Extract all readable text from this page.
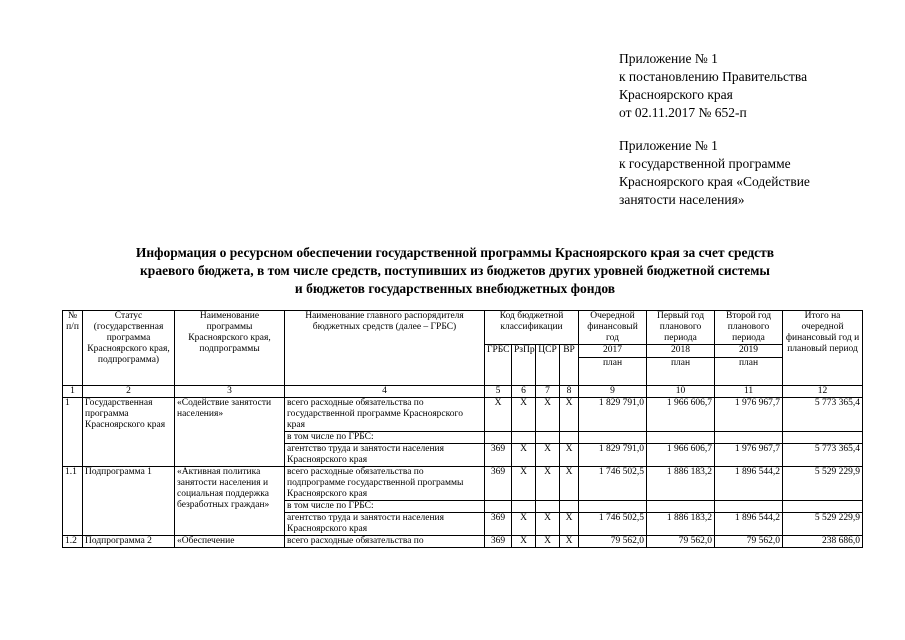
Приложение № 1
к постановлению Правительства
Красноярского края
от 02.11.2017 № 652-п
Приложение № 1
к государственной программе
Красноярского края «Содействие
занятости населения»
Информация о ресурсном обеспечении государственной программы Красноярского края за счет средств
краевого бюджета, в том числе средств, поступивших из бюджетов других уровней бюджетной системы
и бюджетов государственных внебюджетных фондов
№ п/п	Статус (государственная программа Красноярского края, подпрограмма)	Наименование программы Красноярского края, подпрограммы	Наименование главного распорядителя бюджетных средств (далее – ГРБС)	Код бюджетной классификации				Очередной финансовый год	Первый год планового периода	Второй год планового периода	Итого на очередной финансовый год и плановый период
				ГРБС	РзПр	ЦСР	ВР	2017	2018	2019	
								план	план	план	
1	2	3	4	5	6	7	8	9	10	11	12
1	Государственная программа Красноярского края	«Содействие занятости населения»	всего расходные обязательства по государственной программе Красноярского края	X	X	X	X	1 829 791,0	1 966 606,7	1 976 967,7	5 773 365,4
			в том числе по ГРБС:								
			агентство труда и занятости населения Красноярского края	369	X	X	X	1 829 791,0	1 966 606,7	1 976 967,7	5 773 365,4
1.1	Подпрограмма 1	«Активная политика занятости населения и социальная поддержка безработных граждан»	всего расходные обязательства по подпрограмме государственной программы Красноярского края	369	X	X	X	1 746 502,5	1 886 183,2	1 896 544,2	5 529 229,9
			в том числе по ГРБС:								
			агентство труда и занятости населения Красноярского края	369	X	X	X	1 746 502,5	1 886 183,2	1 896 544,2	5 529 229,9
1.2	Подпрограмма 2	«Обеспечение	всего расходные обязательства по	369	X	X	X	79 562,0	79 562,0	79 562,0	238 686,0
